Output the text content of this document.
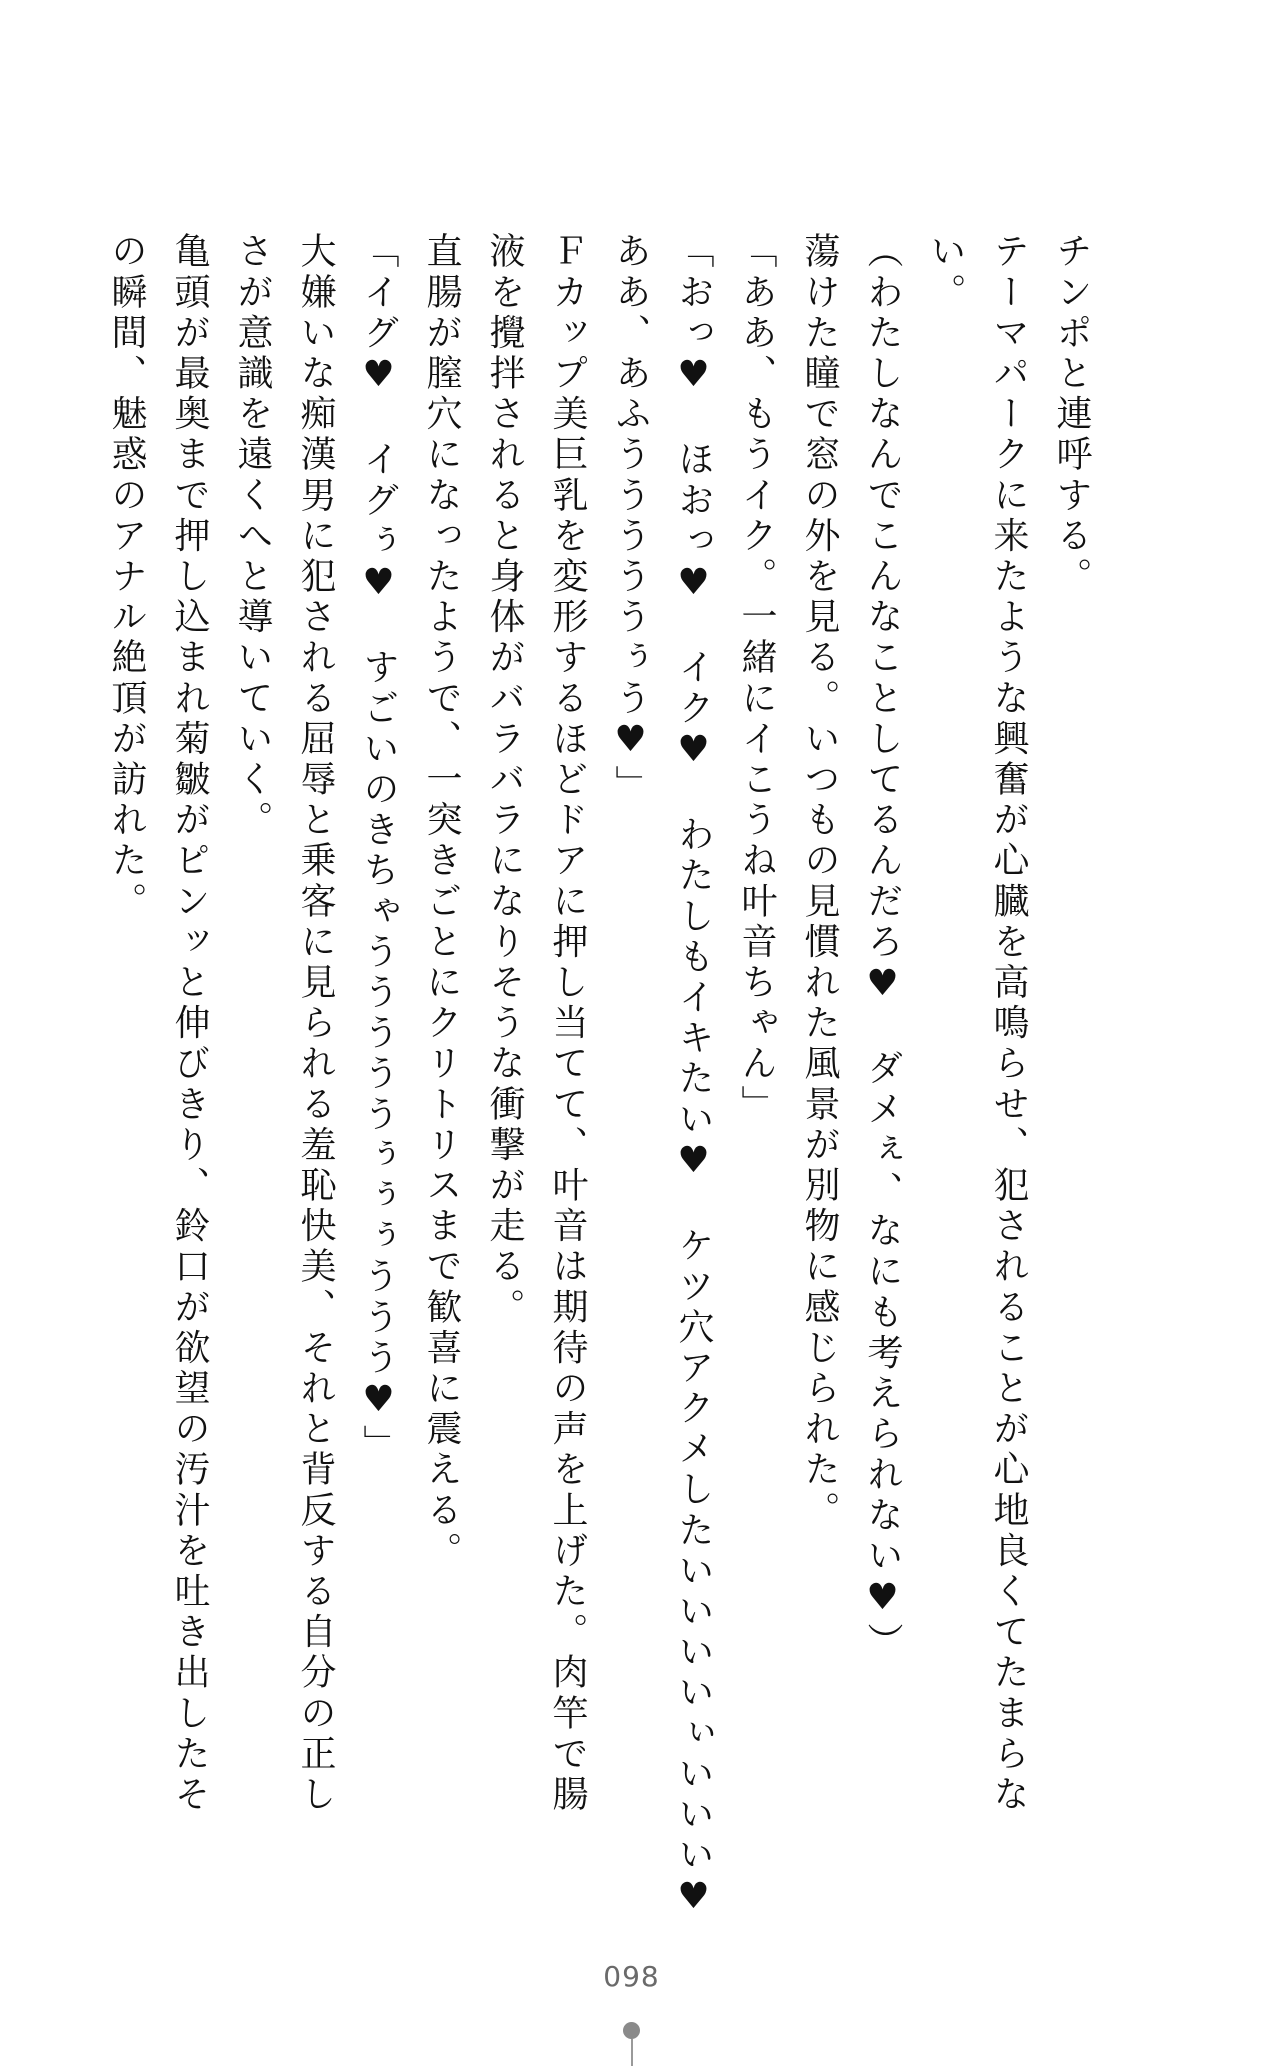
チンポと連呼する。
テーマパークに来たような興奮が心臓を高鳴らせ、犯されることが心地良くてたまらな
い。
（わたしなんでこんなことしてるんだろ♥　ダメぇ、なにも考えられない♥）
蕩けた瞳で窓の外を見る。いつもの見慣れた風景が別物に感じられた。
「ああ、もうイク。一緒にイこうね叶音ちゃん」
「おっ♥　ほおっ♥　イク♥　わたしもイキたい♥　ケツ穴アクメしたいいいいぃいいい♥
ああ、あふうううううぅう♥」
Ｆカップ美巨乳を変形するほどドアに押し当てて、叶音は期待の声を上げた。肉竿で腸
液を攪拌されると身体がバラバラになりそうな衝撃が走る。
直腸が膣穴になったようで、一突きごとにクリトリスまで歓喜に震える。
「イグ♥　イグぅ♥　すごいのきちゃうううううぅぅぅううう♥」
大嫌いな痴漢男に犯される屈辱と乗客に見られる羞恥快美、それと背反する自分の正し
さが意識を遠くへと導いていく。
亀頭が最奥まで押し込まれ菊皺がピンッと伸びきり、鈴口が欲望の汚汁を吐き出したそ
の瞬間、魅惑のアナル絶頂が訪れた。
098
